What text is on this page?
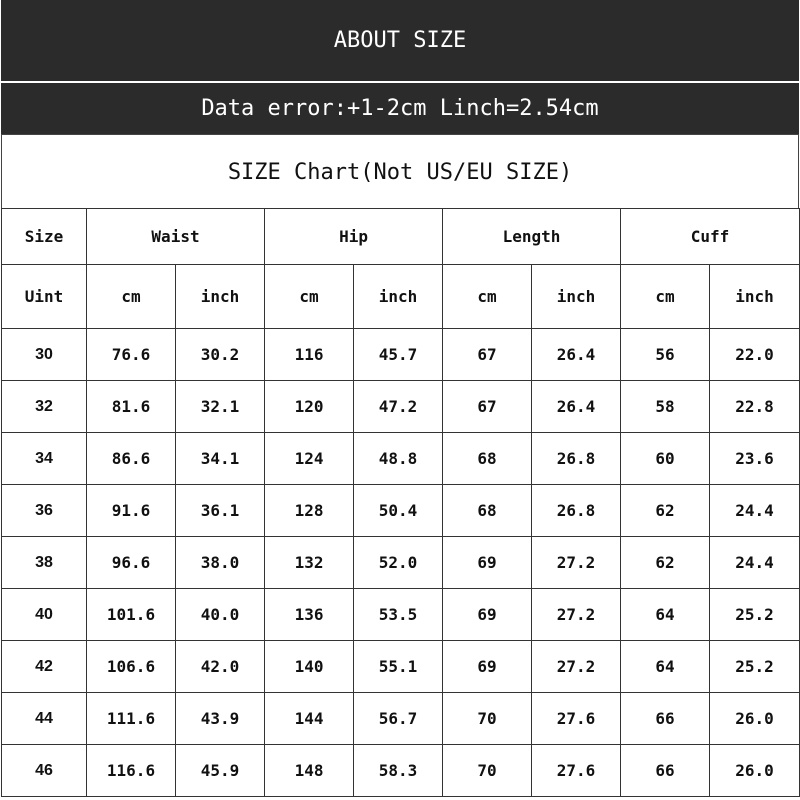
ABOUT SIZE
Data error:+1-2cm Linch=2.54cm
SIZE Chart(Not US/EU SIZE)
Size	Waist		Hip		Length		Cuff	
Uint	cm	inch	cm	inch	cm	inch	cm	inch
30	76.6	30.2	116	45.7	67	26.4	56	22.0
32	81.6	32.1	120	47.2	67	26.4	58	22.8
34	86.6	34.1	124	48.8	68	26.8	60	23.6
36	91.6	36.1	128	50.4	68	26.8	62	24.4
38	96.6	38.0	132	52.0	69	27.2	62	24.4
40	101.6	40.0	136	53.5	69	27.2	64	25.2
42	106.6	42.0	140	55.1	69	27.2	64	25.2
44	111.6	43.9	144	56.7	70	27.6	66	26.0
46	116.6	45.9	148	58.3	70	27.6	66	26.0
